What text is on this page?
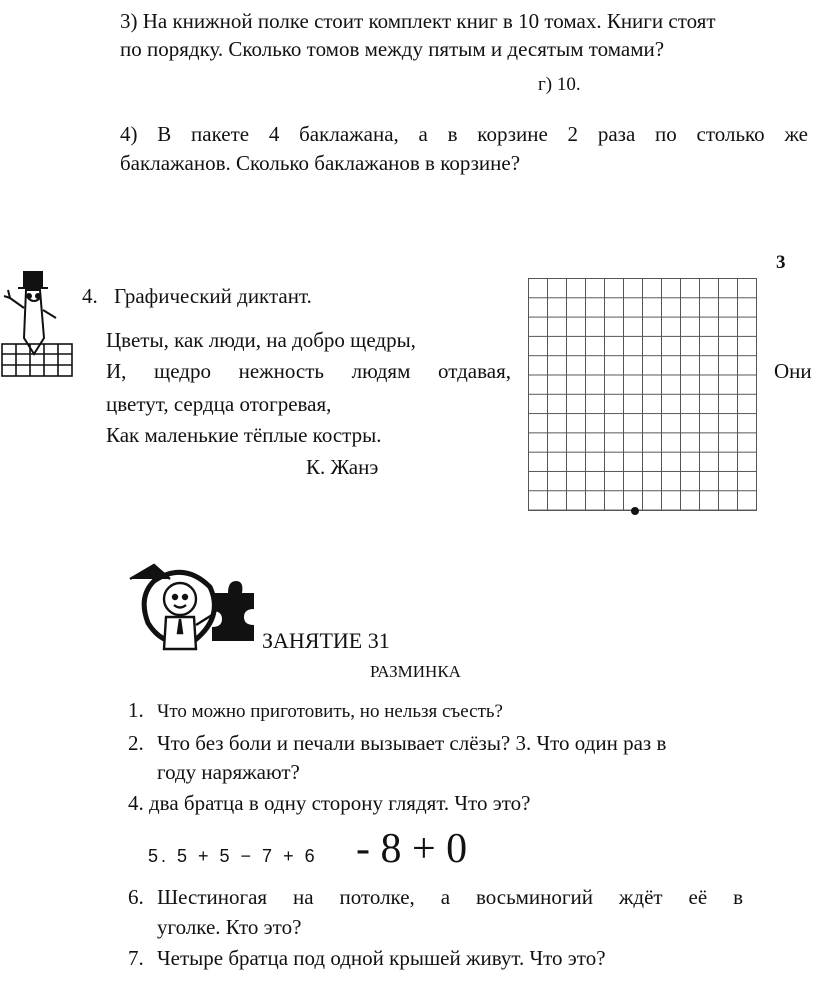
3) На книжной полке стоит комплект книг в 10 томах. Книги стоят
по порядку. Сколько томов между пятым и десятым томами?
г) 10.
4) В пакете 4 баклажана, а в корзине 2 раза по столько же
баклажанов. Сколько баклажанов в корзине?
3
4. Графический диктант.
Цветы, как люди, на добро щедры,
И, щедро нежность людям отдавая,	Они
цветут, сердца отогревая,
Как маленькие тёплые костры.
К. Жанэ
ЗАНЯТИЕ 31
РАЗМИНКА
1. Что можно приготовить, но нельзя съесть?
2. Что без боли и печали вызывает слёзы? 3. Что один раз в
году наряжают?
4. два братца в одну сторону глядят. Что это?
5. 5 + 5 − 7 + 6 - 8 + 0
6. Шестиногая на потолке, а восьминогий ждёт её в
уголке. Кто это?
7. Четыре братца под одной крышей живут. Что это?
